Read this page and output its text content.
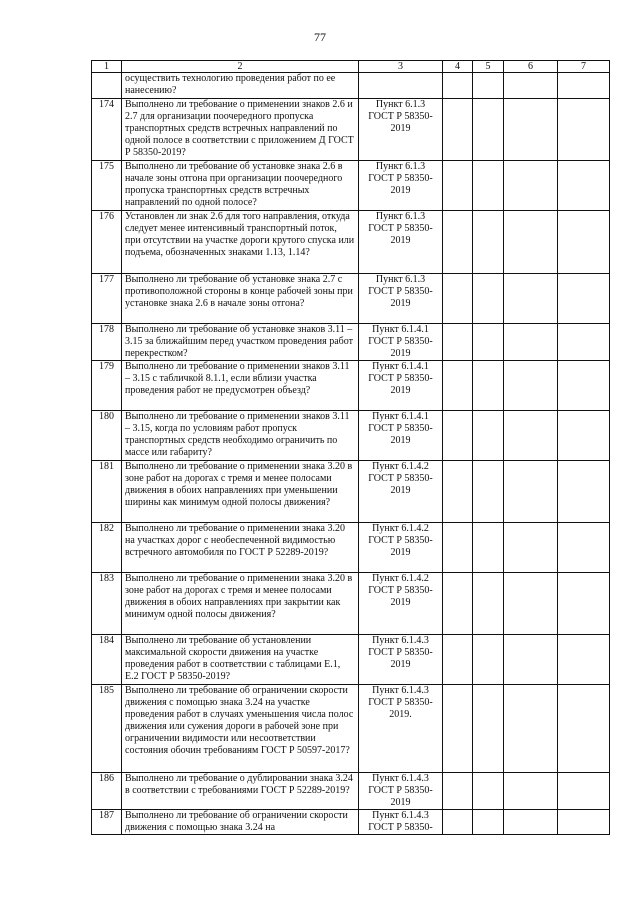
77
1	2	3	4	5	6	7
	осуществить технологию проведения работ по ее нанесению?					
174	Выполнено ли требование о применении знаков 2.6 и 2.7 для организации поочередного пропуска транспортных средств встречных направлений по одной полосе в соответствии с приложением Д ГОСТ Р 58350-2019?	Пункт 6.1.3 ГОСТ Р 58350-2019				
175	Выполнено ли требование об установке знака 2.6 в начале зоны отгона при организации поочередного пропуска транспортных средств встречных направлений по одной полосе?	Пункт 6.1.3 ГОСТ Р 58350-2019				
176	Установлен ли знак 2.6 для того направления, откуда следует менее интенсивный транспортный поток, при отсутствии на участке дороги крутого спуска или подъема, обозначенных знаками 1.13, 1.14?	Пункт 6.1.3 ГОСТ Р 58350-2019				
177	Выполнено ли требование об установке знака 2.7 с противоположной стороны в конце рабочей зоны при установке знака 2.6 в начале зоны отгона?	Пункт 6.1.3 ГОСТ Р 58350-2019				
178	Выполнено ли требование об установке знаков 3.11 – 3.15 за ближайшим перед участком проведения работ перекрестком?	Пункт 6.1.4.1 ГОСТ Р 58350-2019				
179	Выполнено ли требование о применении знаков 3.11 – 3.15 с табличкой 8.1.1, если вблизи участка проведения работ не предусмотрен объезд?	Пункт 6.1.4.1 ГОСТ Р 58350-2019				
180	Выполнено ли требование о применении знаков 3.11 – 3.15, когда по условиям работ пропуск транспортных средств необходимо ограничить по массе или габариту?	Пункт 6.1.4.1 ГОСТ Р 58350-2019				
181	Выполнено ли требование о применении знака 3.20 в зоне работ на дорогах с тремя и менее полосами движения в обоих направлениях при уменьшении ширины как минимум одной полосы движения?	Пункт 6.1.4.2 ГОСТ Р 58350-2019				
182	Выполнено ли требование о применении знака 3.20 на участках дорог с необеспеченной видимостью встречного автомобиля по ГОСТ Р 52289-2019?	Пункт 6.1.4.2 ГОСТ Р 58350-2019				
183	Выполнено ли требование о применении знака 3.20 в зоне работ на дорогах с тремя и менее полосами движения в обоих направлениях при закрытии как минимум одной полосы движения?	Пункт 6.1.4.2 ГОСТ Р 58350-2019				
184	Выполнено ли требование об установлении максимальной скорости движения на участке проведения работ в соответствии с таблицами Е.1, Е.2 ГОСТ Р 58350-2019?	Пункт 6.1.4.3 ГОСТ Р 58350-2019				
185	Выполнено ли требование об ограничении скорости движения с помощью знака 3.24 на участке проведения работ в случаях уменьшения числа полос движения или сужения дороги в рабочей зоне при ограничении видимости или несоответствии состояния обочин требованиям ГОСТ Р 50597-2017?	Пункт 6.1.4.3 ГОСТ Р 58350-2019.				
186	Выполнено ли требование о дублировании знака 3.24 в соответствии с требованиями ГОСТ Р 52289-2019?	Пункт 6.1.4.3 ГОСТ Р 58350-2019				
187	Выполнено ли требование об ограничении скорости движения с помощью знака 3.24 на	Пункт 6.1.4.3 ГОСТ Р 58350-				
